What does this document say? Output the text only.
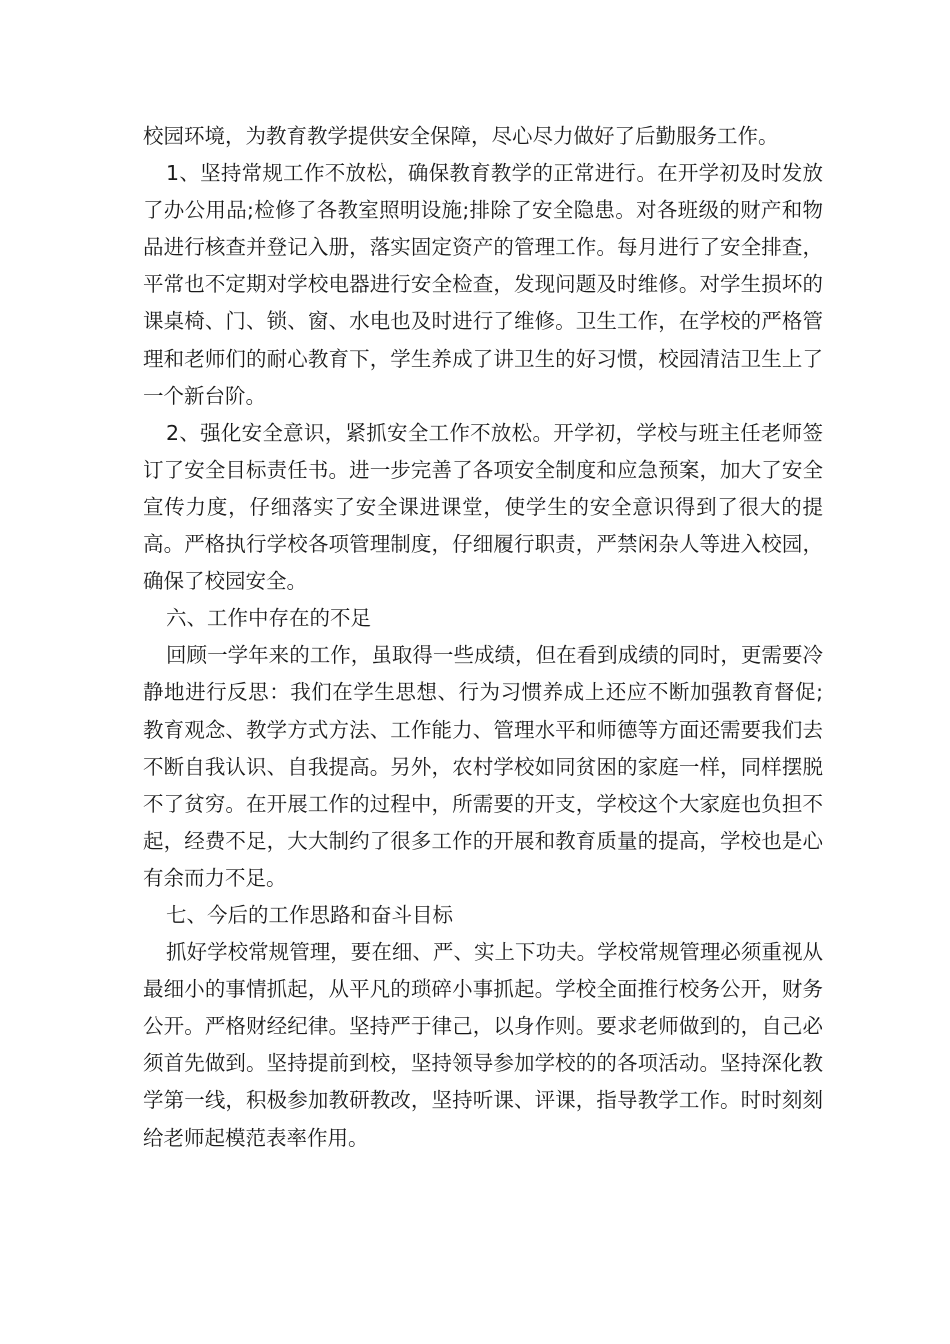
校园环境，为教育教学提供安全保障，尽心尽力做好了后勤服务工作。

1、坚持常规工作不放松，确保教育教学的正常进行。在开学初及时发放了办公用品;检修了各教室照明设施;排除了安全隐患。对各班级的财产和物品进行核查并登记入册，落实固定资产的管理工作。每月进行了安全排查，平常也不定期对学校电器进行安全检查，发现问题及时维修。对学生损坏的课桌椅、门、锁、窗、水电也及时进行了维修。卫生工作，在学校的严格管理和老师们的耐心教育下，学生养成了讲卫生的好习惯，校园清洁卫生上了一个新台阶。

2、强化安全意识，紧抓安全工作不放松。开学初，学校与班主任老师签订了安全目标责任书。进一步完善了各项安全制度和应急预案，加大了安全宣传力度，仔细落实了安全课进课堂，使学生的安全意识得到了很大的提高。严格执行学校各项管理制度，仔细履行职责，严禁闲杂人等进入校园，确保了校园安全。

六、工作中存在的不足

回顾一学年来的工作，虽取得一些成绩，但在看到成绩的同时，更需要冷静地进行反思：我们在学生思想、行为习惯养成上还应不断加强教育督促;教育观念、教学方式方法、工作能力、管理水平和师德等方面还需要我们去不断自我认识、自我提高。另外，农村学校如同贫困的家庭一样，同样摆脱不了贫穷。在开展工作的过程中，所需要的开支，学校这个大家庭也负担不起，经费不足，大大制约了很多工作的开展和教育质量的提高，学校也是心有余而力不足。

七、今后的工作思路和奋斗目标

抓好学校常规管理，要在细、严、实上下功夫。学校常规管理必须重视从最细小的事情抓起，从平凡的琐碎小事抓起。学校全面推行校务公开，财务公开。严格财经纪律。坚持严于律己，以身作则。要求老师做到的，自己必须首先做到。坚持提前到校，坚持领导参加学校的的各项活动。坚持深化教学第一线，积极参加教研教改，坚持听课、评课，指导教学工作。时时刻刻给老师起模范表率作用。
